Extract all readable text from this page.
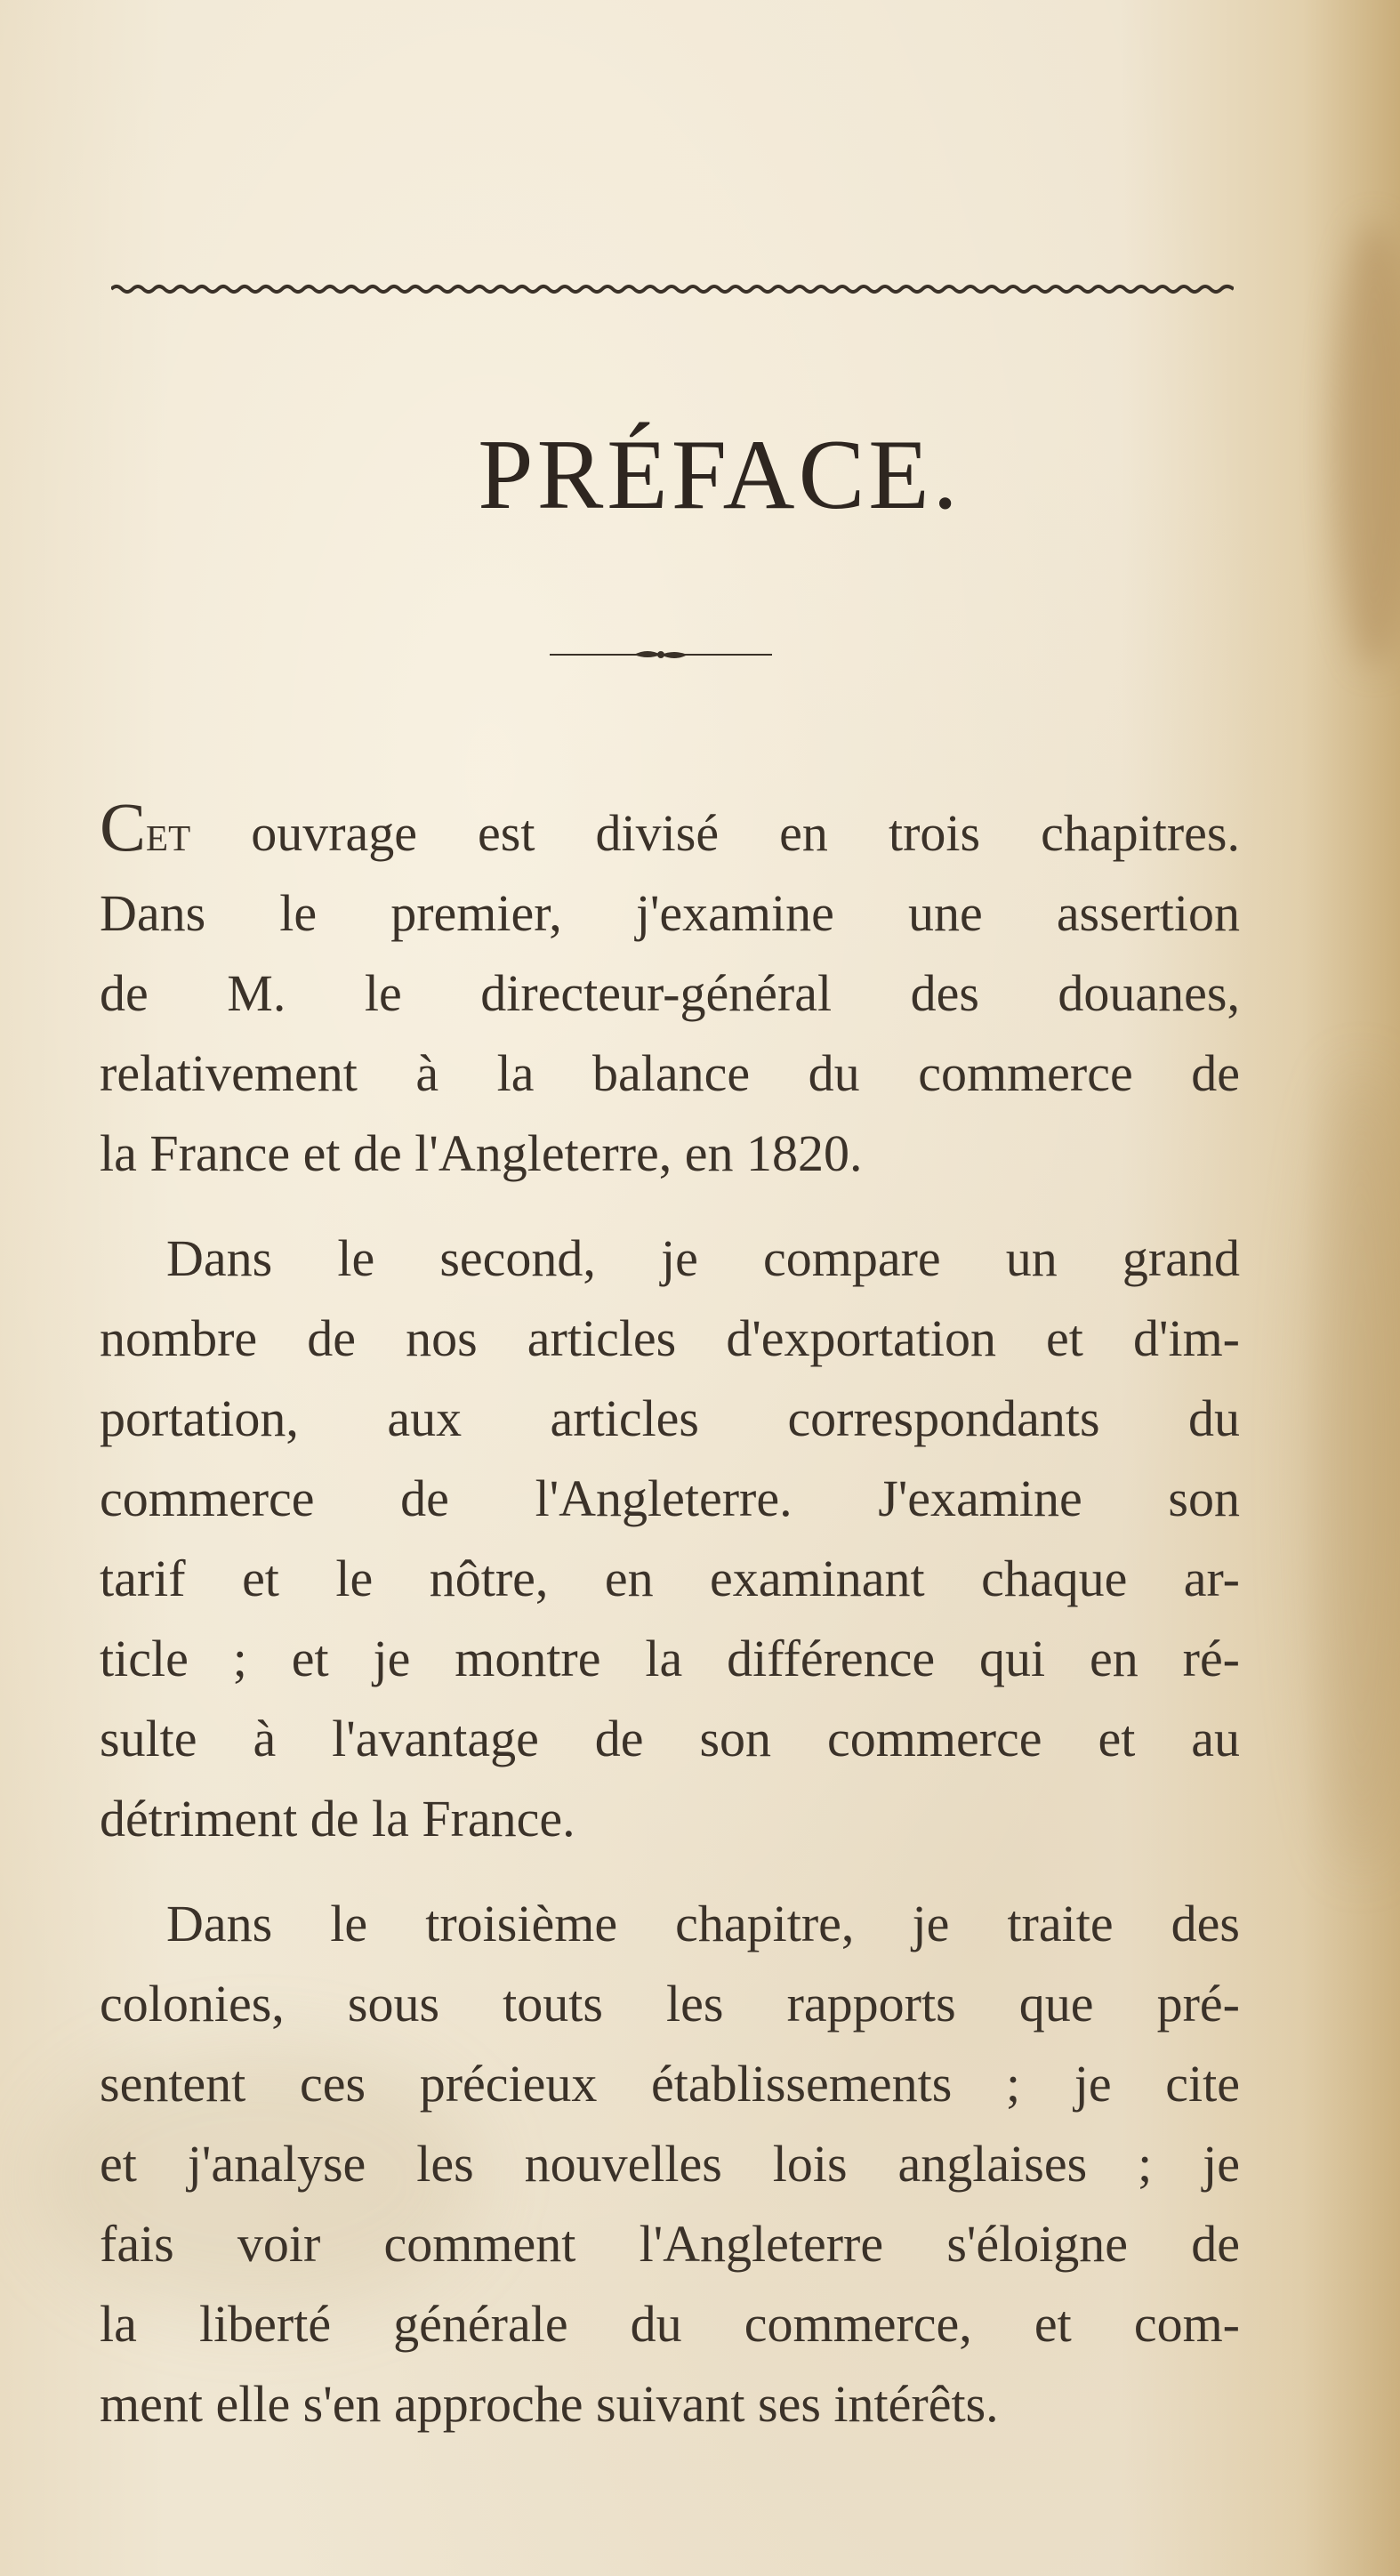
PRÉFACE.

Cet ouvrage est divisé en trois chapitres.
Dans le premier, j'examine une assertion
de M. le directeur-général des douanes,
relativement à la balance du commerce de
la France et de l'Angleterre, en 1820.

Dans le second, je compare un grand
nombre de nos articles d'exportation et d'im-
portation, aux articles correspondants du
commerce de l'Angleterre. J'examine son
tarif et le nôtre, en examinant chaque ar-
ticle ; et je montre la différence qui en ré-
sulte à l'avantage de son commerce et au
détriment de la France.

Dans le troisième chapitre, je traite des
colonies, sous touts les rapports que pré-
sentent ces précieux établissements ; je cite
et j'analyse les nouvelles lois anglaises ; je
fais voir comment l'Angleterre s'éloigne de
la liberté générale du commerce, et com-
ment elle s'en approche suivant ses intérêts.
